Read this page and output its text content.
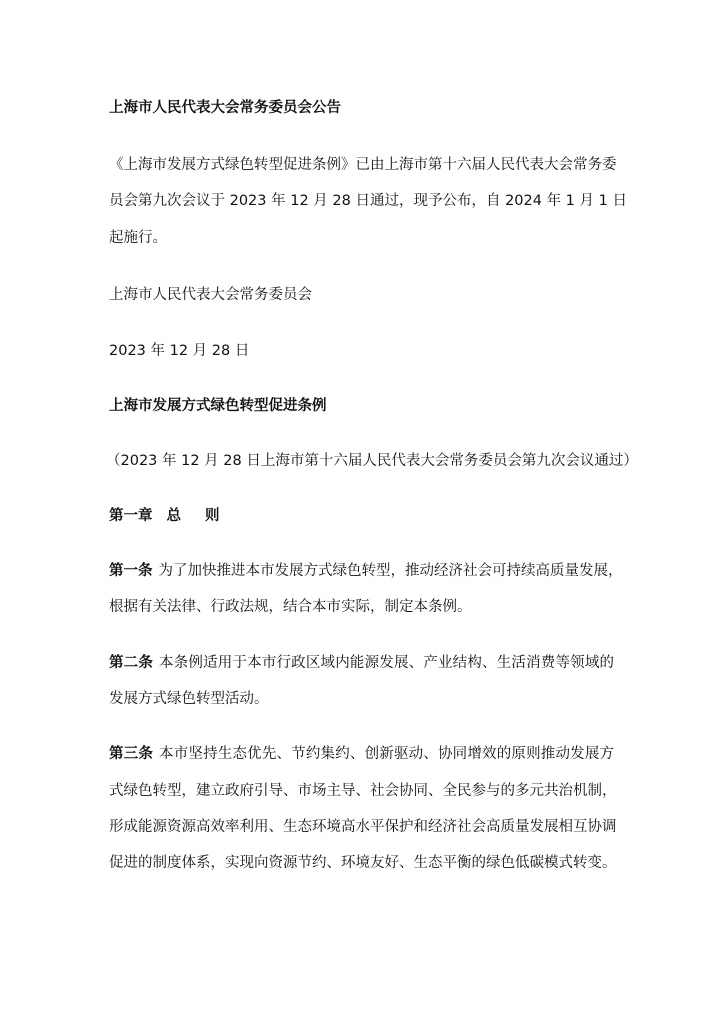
上海市人民代表大会常务委员会公告

《上海市发展方式绿色转型促进条例》已由上海市第十六届人民代表大会常务委

员会第九次会议于 2023 年 12 月 28 日通过，现予公布，自 2024 年 1 月 1 日

起施行。

上海市人民代表大会常务委员会

2023 年 12 月 28 日

上海市发展方式绿色转型促进条例

（2023 年 12 月 28 日上海市第十六届人民代表大会常务委员会第九次会议通过）

第一章 总 则

第一条 为了加快推进本市发展方式绿色转型，推动经济社会可持续高质量发展，

根据有关法律、行政法规，结合本市实际，制定本条例。

第二条 本条例适用于本市行政区域内能源发展、产业结构、生活消费等领域的

发展方式绿色转型活动。

第三条 本市坚持生态优先、节约集约、创新驱动、协同增效的原则推动发展方

式绿色转型，建立政府引导、市场主导、社会协同、全民参与的多元共治机制，

形成能源资源高效率利用、生态环境高水平保护和经济社会高质量发展相互协调

促进的制度体系，实现向资源节约、环境友好、生态平衡的绿色低碳模式转变。
